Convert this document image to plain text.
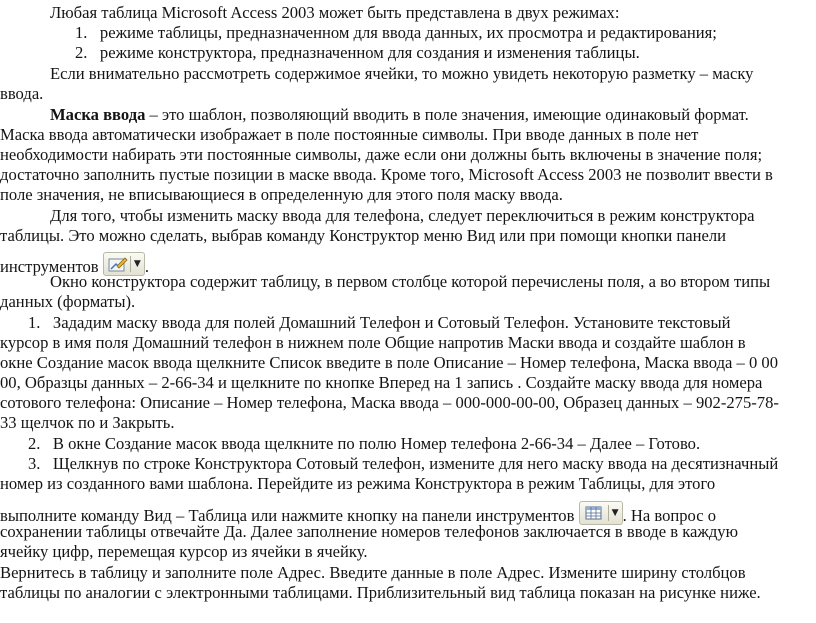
Любая таблица Microsoft Access 2003 может быть представлена в двух режимах:
1. режиме таблицы, предназначенном для ввода данных, их просмотра и редактирования;
2. режиме конструктора, предназначенном для создания и изменения таблицы.
Если внимательно рассмотреть содержимое ячейки, то можно увидеть некоторую разметку – маску
ввода.
Маска ввода – это шаблон, позволяющий вводить в поле значения, имеющие одинаковый формат.
Маска ввода автоматически изображает в поле постоянные символы. При вводе данных в поле нет
необходимости набирать эти постоянные символы, даже если они должны быть включены в значение поля;
достаточно заполнить пустые позиции в маске ввода. Кроме того, Microsoft Access 2003 не позволит ввести в
поле значения, не вписывающиеся в определенную для этого поля маску ввода.
Для того, чтобы изменить маску ввода для телефона, следует переключиться в режим конструктора
таблицы. Это можно сделать, выбрав команду Конструктор меню Вид или при помощи кнопки панели
инструментов	▼ .
Окно конструктора содержит таблицу, в первом столбце которой перечислены поля, а во втором типы
данных (форматы).
1. Зададим маску ввода для полей Домашний Телефон и Сотовый Телефон. Установите текстовый
курсор в имя поля Домашний телефон в нижнем поле Общие напротив Маски ввода и создайте шаблон в
окне Создание масок ввода щелкните Список введите в поле Описание – Номер телефона, Маска ввода – 0 00
00, Образцы данных – 2-66-34 и щелкните по кнопке Вперед на 1 запись . Создайте маску ввода для номера
сотового телефона: Описание – Номер телефона, Маска ввода – 000-000-00-00, Образец данных – 902-275-78-
33 щелчок по и Закрыть.
2. В окне Создание масок ввода щелкните по полю Номер телефона 2-66-34 – Далее – Готово.
3. Щелкнув по строке Конструктора Сотовый телефон, измените для него маску ввода на десятизначный
номер из созданного вами шаблона. Перейдите из режима Конструктора в режим Таблицы, для этого
выполните команду Вид – Таблица или нажмите кнопку на панели инструментов	▼ . На вопрос о
сохранении таблицы отвечайте Да. Далее заполнение номеров телефонов заключается в вводе в каждую
ячейку цифр, перемещая курсор из ячейки в ячейку.
Вернитесь в таблицу и заполните поле Адрес. Введите данные в поле Адрес. Измените ширину столбцов
таблицы по аналогии с электронными таблицами. Приблизительный вид таблица показан на рисунке ниже.
